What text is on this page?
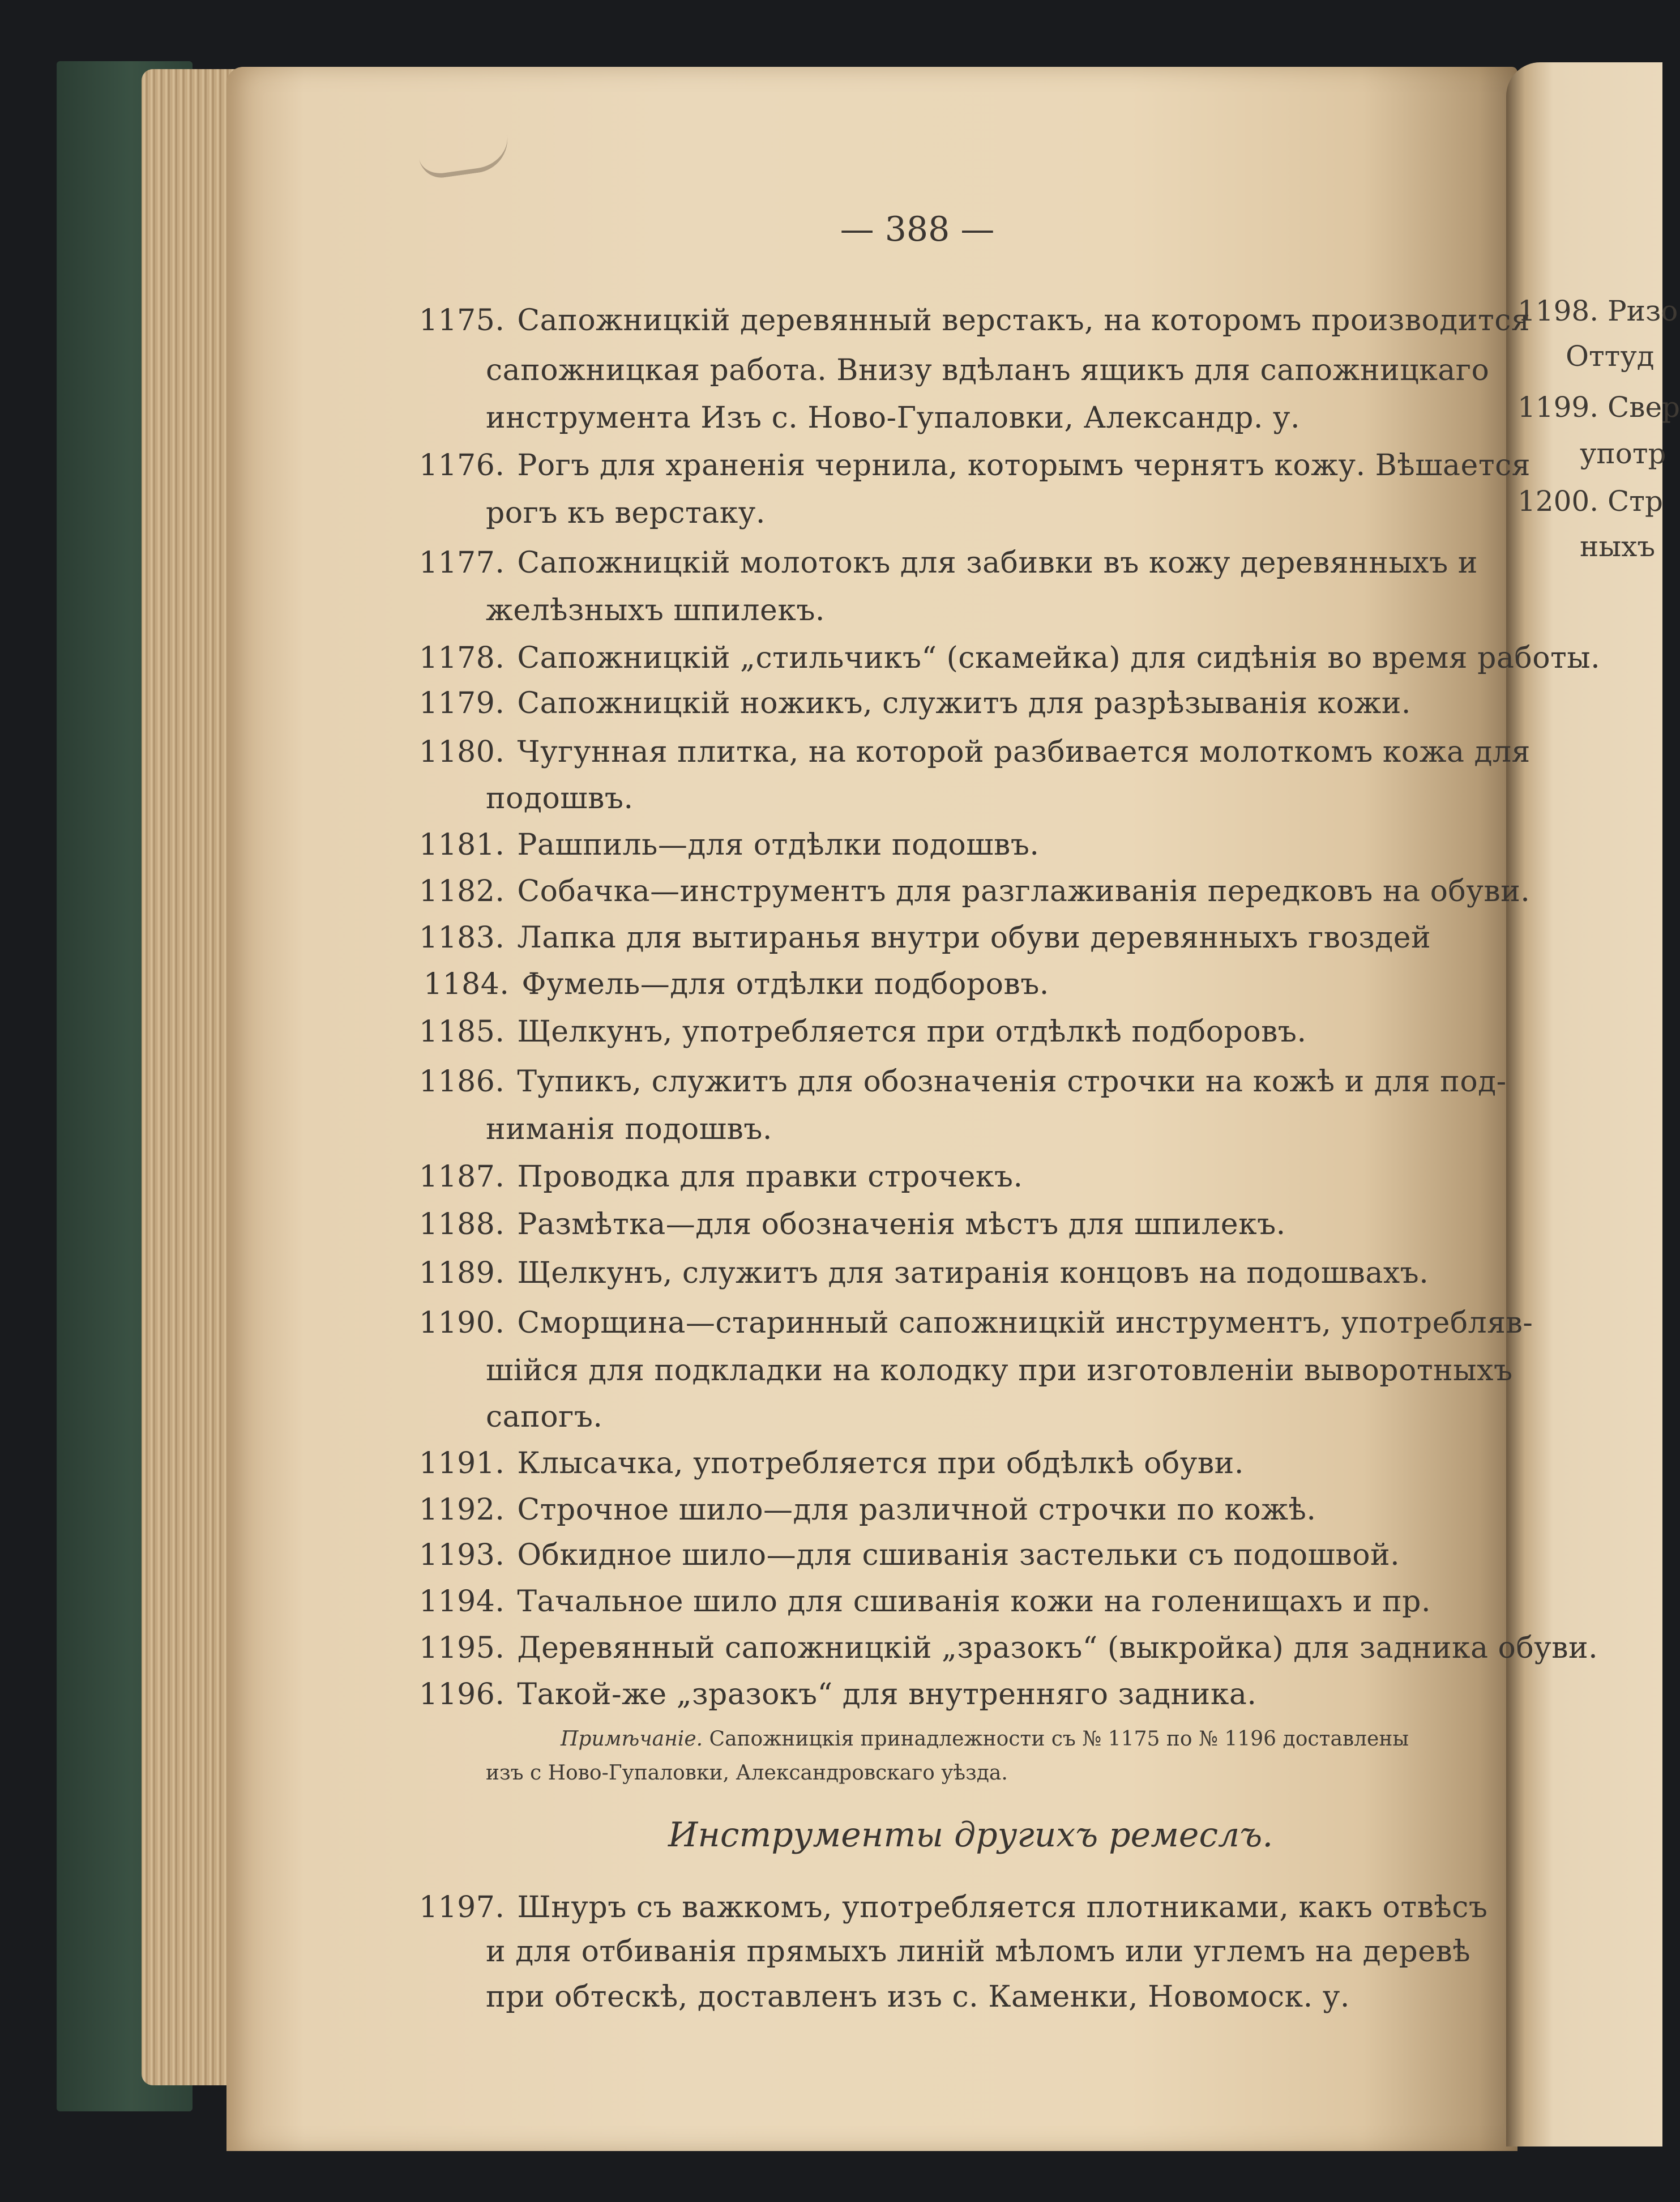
— 388 —
1175. Сапожницкій деревянный верстакъ, на которомъ производится
сапожницкая работа. Внизу вдѣланъ ящикъ для сапожницкаго
инструмента Изъ с. Ново-Гупаловки, Александр. у.
1176. Рогъ для храненія чернила, которымъ чернятъ кожу. Вѣшается
рогъ къ верстаку.
1177. Сапожницкій молотокъ для забивки въ кожу деревянныхъ и
желѣзныхъ шпилекъ.
1178. Сапожницкій „стильчикъ“ (скамейка) для сидѣнія во время работы.
1179. Сапожницкій ножикъ, служитъ для разрѣзыванія кожи.
1180. Чугунная плитка, на которой разбивается молоткомъ кожа для
подошвъ.
1181. Рашпиль—для отдѣлки подошвъ.
1182. Собачка—инструментъ для разглаживанія передковъ на обуви.
1183. Лапка для вытиранья внутри обуви деревянныхъ гвоздей
1184. Фумель—для отдѣлки подборовъ.
1185. Щелкунъ, употребляется при отдѣлкѣ подборовъ.
1186. Тупикъ, служитъ для обозначенія строчки на кожѣ и для под-
ниманія подошвъ.
1187. Проводка для правки строчекъ.
1188. Размѣтка—для обозначенія мѣстъ для шпилекъ.
1189. Щелкунъ, служитъ для затиранія концовъ на подошвахъ.
1190. Сморщина—старинный сапожницкій инструментъ, употребляв-
шійся для подкладки на колодку при изготовленіи выворотныхъ
сапогъ.
1191. Клысачка, употребляется при обдѣлкѣ обуви.
1192. Строчное шило—для различной строчки по кожѣ.
1193. Обкидное шило—для сшиванія застельки съ подошвой.
1194. Тачальное шило для сшиванія кожи на голенищахъ и пр.
1195. Деревянный сапожницкій „зразокъ“ (выкройка) для задника обуви.
1196. Такой-же „зразокъ“ для внутренняго задника.
Примѣчаніе. Сапожницкія принадлежности съ № 1175 по № 1196 доставлены
изъ с Ново-Гупаловки, Александровскаго уѣзда.
Инструменты другихъ ремеслъ.
1197. Шнуръ съ важкомъ, употребляется плотниками, какъ отвѣсъ
и для отбиванія прямыхъ линій мѣломъ или углемъ на деревѣ
при обтескѣ, доставленъ изъ с. Каменки, Новомоск. у.
1198. Ризо
Оттуд
1199. Свер
употр
1200. Стр
ныхъ
